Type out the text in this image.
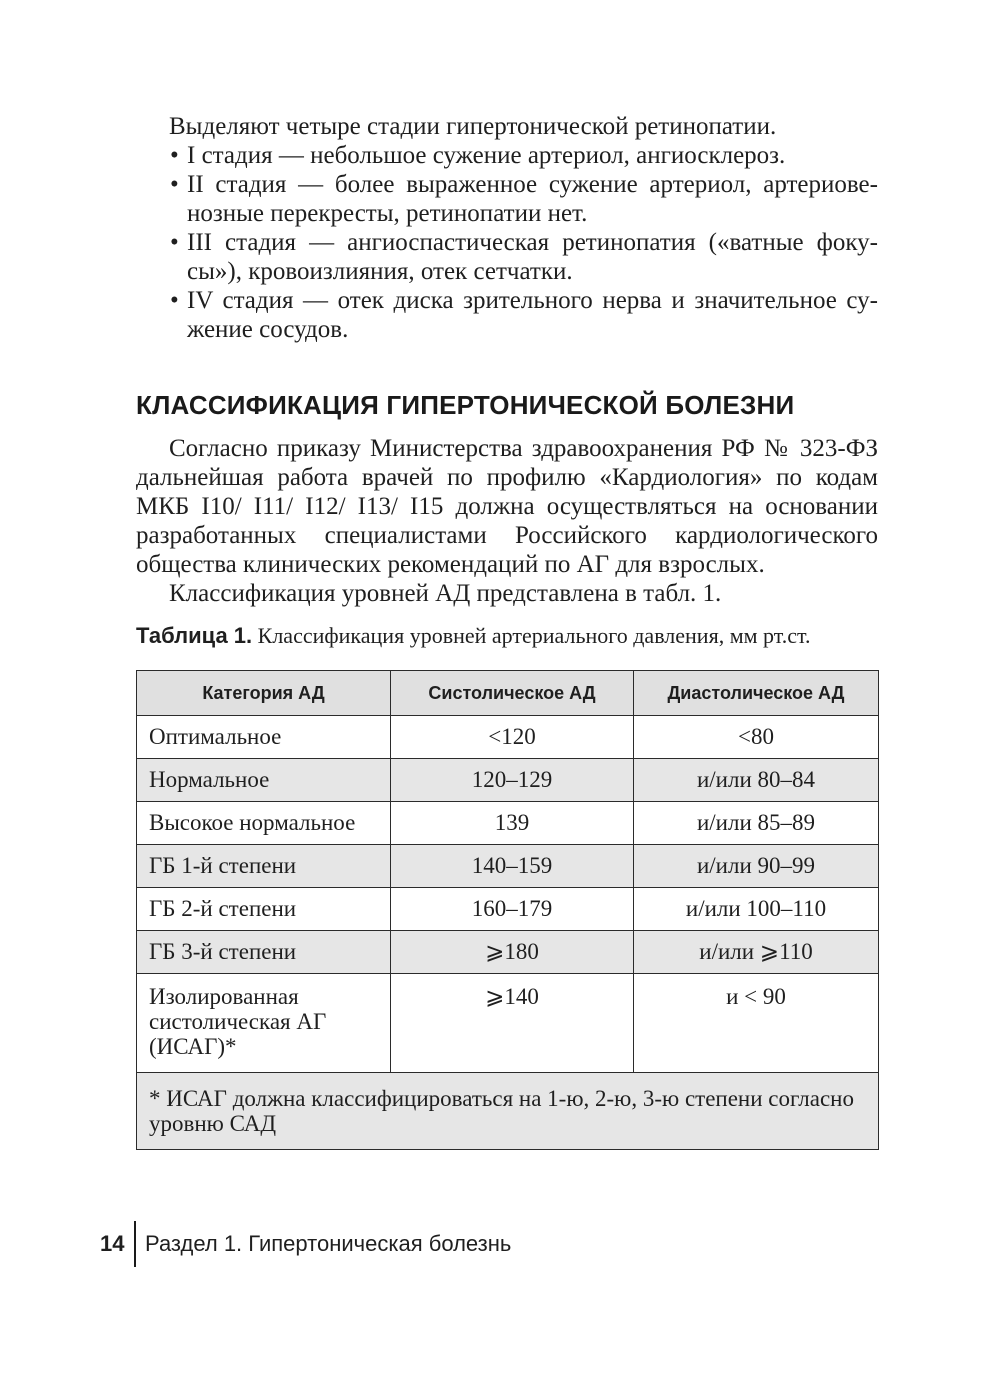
Выделяют четыре стадии гипертонической ретинопатии.

• I стадия — небольшое сужение артериол, ангиосклероз.
• II стадия — более выраженное сужение артериол, артериовенозные перекресты, ретинопатии нет.
• III стадия — ангиоспастическая ретинопатия («ватные фокусы»), кровоизлияния, отек сетчатки.
• IV стадия — отек диска зрительного нерва и значительное сужение сосудов.
КЛАССИФИКАЦИЯ ГИПЕРТОНИЧЕСКОЙ БОЛЕЗНИ

Согласно приказу Министерства здравоохранения РФ № 323-ФЗ дальнейшая работа врачей по профилю «Кардиология» по кодам МКБ I10/ I11/ I12/ I13/ I15 должна осуществляться на основании разработанных специалистами Российского кардиологического общества клинических рекомендаций по АГ для взрослых.

Классификация уровней АД представлена в табл. 1.

Таблица 1. Классификация уровней артериального давления, мм рт.ст.
Категория АД	Систолическое АД	Диастолическое АД
Оптимальное	<120	<80
Нормальное	120–129	и/или 80–84
Высокое нормальное	139	и/или 85–89
ГБ 1-й степени	140–159	и/или 90–99
ГБ 2-й степени	160–179	и/или 100–110
ГБ 3-й степени	⩾180	и/или ⩾110
Изолированная систолическая АГ (ИСАГ)*	⩾140	и < 90
* ИСАГ должна классифицироваться на 1-ю, 2-ю, 3-ю степени согласно уровню САД		
14 Раздел 1. Гипертоническая болезнь
